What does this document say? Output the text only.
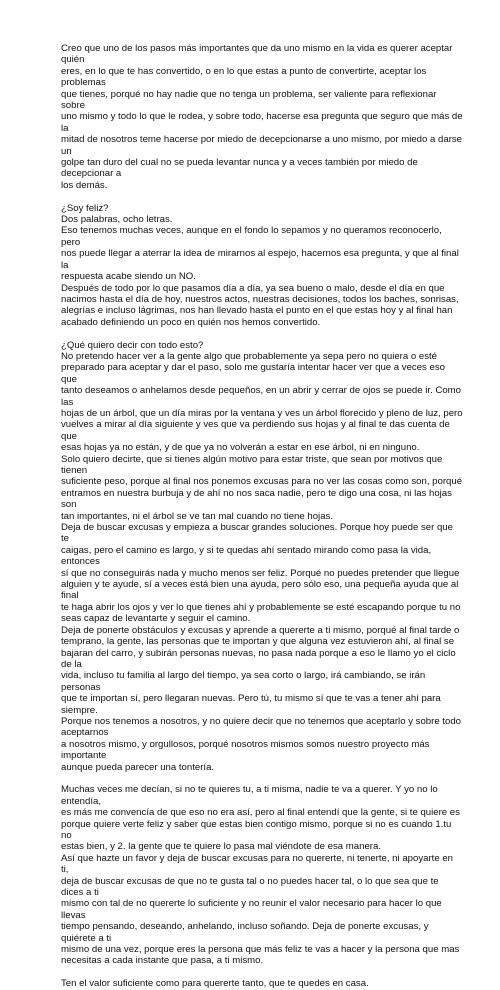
Creo que uno de los pasos más importantes que da uno mismo en la vida es querer aceptar quién
eres, en lo que te has convertido, o en lo que estas a punto de convertirte, aceptar los problemas
que tienes, porqué no hay nadie que no tenga un problema, ser valiente para reflexionar sobre
uno mismo y todo lo que le rodea, y sobre todo, hacerse esa pregunta que seguro que más de la
mitad de nosotros teme hacerse por miedo de decepcionarse a uno mismo, por miedo a darse un
golpe tan duro del cual no se pueda levantar nunca y a veces también por miedo de decepcionar a
los demás.

¿Soy feliz?
Dos palabras, ocho letras.
Eso tenemos muchas veces, aunque en el fondo lo sepamos y no queramos reconocerlo, pero
nos puede llegar a aterrar la idea de mirarnos al espejo, hacernos esa pregunta, y que al final la
respuesta acabe siendo un NO.
Después de todo por lo que pasamos día a día, ya sea bueno o malo, desde el día en que
nacimos hasta el día de hoy, nuestros actos, nuestras decisiones, todos los baches, sonrisas,
alegrías e incluso lágrimas, nos han llevado hasta el punto en el que estas hoy y al final han
acabado definiendo un poco en quién nos hemos convertido.

¿Qué quiero decir con todo esto?
No pretendo hacer ver a la gente algo que probablemente ya sepa pero no quiera o esté
preparado para aceptar y dar el paso, solo me gustaría intentar hacer ver que a veces eso que
tanto deseamos o anhelamos desde pequeños, en un abrir y cerrar de ojos se puede ir. Como las
hojas de un árbol, que un día miras por la ventana y ves un árbol florecido y pleno de luz, pero
vuelves a mirar al día siguiente y ves que va perdiendo sus hojas y al final te das cuenta de que
esas hojas ya no están, y de que ya no volverán a estar en ese árbol, ni en ninguno.
Solo quiero decirte, que si tienes algún motivo para estar triste, que sean por motivos que tienen
suficiente peso, porque al final nos ponemos excusas para no ver las cosas como son, porqué
entramos en nuestra burbuja y de ahí no nos saca nadie, pero te digo una cosa, ni las hojas son
tan importantes, ni el árbol se ve tan mal cuando no tiene hojas.
Deja de buscar excusas y empieza a buscar grandes soluciones. Porque hoy puede ser que te
caigas, pero el camino es largo, y si te quedas ahí sentado mirando como pasa la vida, entonces
sí que no conseguirás nada y mucho menos ser feliz. Porqué no puedes pretender que llegue
alguien y te ayude, sí a veces está bien una ayuda, pero sólo eso, una pequeña ayuda que al final
te haga abrir los ojos y ver lo que tienes ahí y probablemente se esté escapando porque tu no
seas capaz de levantarte y seguir el camino.
Deja de ponerte obstáculos y excusas y aprende a quererte a ti mismo, porqué al final tarde o
temprano, la gente, las personas que te importan y que alguna vez estuvieron ahí, al final se
bajaran del carro, y subirán personas nuevas, no pasa nada porque a eso le llamo yo el ciclo de la
vida, incluso tu familia al largo del tiempo, ya sea corto o largo, irá cambiando, se irán personas
que te importan sí, pero llegaran nuevas. Pero tú, tu mismo sí que te vas a tener ahí para siempre.
Porque nos tenemos a nosotros, y no quiere decir que no tenemos que aceptarlo y sobre todo aceptarnos
a nosotros mismo, y orgullosos, porqué nosotros mismos somos nuestro proyecto más importante
aunque pueda parecer una tontería.

Muchas veces me decían, si no te quieres tu, a ti misma, nadie te va a querer. Y yo no lo entendía,
es más me convencía de que eso no era así, pero al final entendí que la gente, si te quiere es
porque quiere verte feliz y saber que estas bien contigo mismo, porque si no es cuando 1.tu no
estas bien, y 2. la gente que te quiere lo pasa mal viéndote de esa manera.
Así que hazte un favor y deja de buscar excusas para no quererte, ni tenerte, ni apoyarte en ti,
deja de buscar excusas de que no te gusta tal o no puedes hacer tal, o lo que sea que te dices a ti
mismo con tal de no quererte lo suficiente y no reunir el valor necesario para hacer lo que llevas
tiempo pensando, deseando, anhelando, incluso soñando. Deja de ponerte excusas, y quiérete a ti
mismo de una vez, porque eres la persona que más feliz te vas a hacer y la persona que mas
necesitas a cada instante que pasa, a ti mismo.

Ten el valor suficiente como para quererte tanto, que te quedes en casa.
